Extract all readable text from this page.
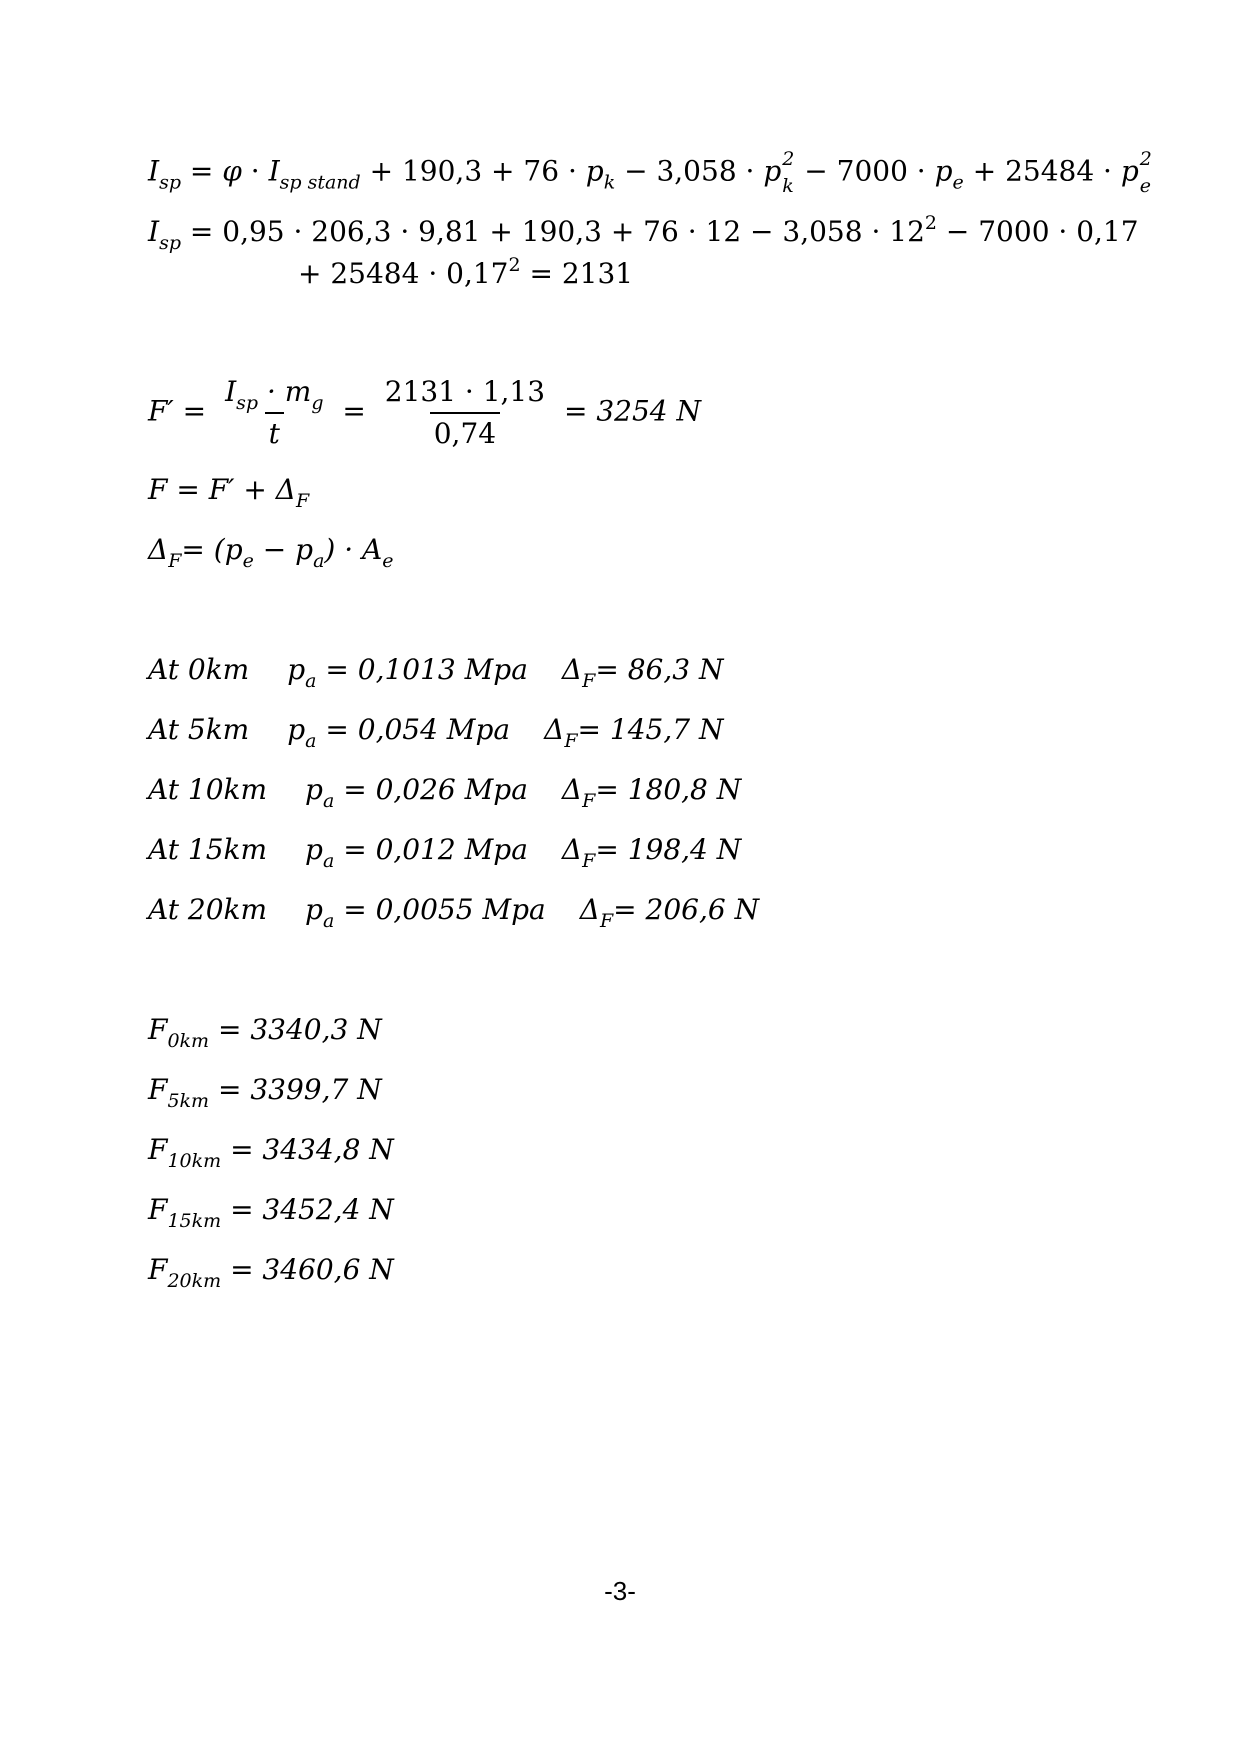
$I_{sp} = \varphi \cdot I_{sp stand} + 190,3 + 76 \cdot p_k - 3,058 \cdot p$ 2
$k - 7000 \cdot p_e + 25484 \cdot p$ 2
e
$I_{sp} = 0,95 \cdot 206,3 \cdot 9,81 + 190,3 + 76 \cdot 12 - 3,058 \cdot 12^2 - 7000 \cdot 0,17$
+ $25484 \cdot 0,17^2 = 2131$
$F' = \frac{I_{sp} \cdot m_g}{t} = \frac{2131 \cdot 1,13}{0,74} = 3254$ N
$F = F' + \Delta_F$
$\Delta_F= (p_e - p_a) \cdot A_e$
At 0km $p_a = 0,1013$ Mpa $\Delta_F= 86,3$ N
At 5km $p_a = 0,054$ Mpa $\Delta_F= 145,7$ N
At 10km $p_a = 0,026$ Mpa $\Delta_F= 180,8$ N
At 15km $p_a = 0,012$ Mpa $\Delta_F= 198,4$ N
At 20km $p_a = 0,0055$ Mpa $\Delta_F= 206,6$ N
$F_{0km} = 3340,3$ N
$F_{5km} = 3399,7$ N
$F_{10km} = 3434,8$ N
$F_{15km} = 3452,4$ N
$F_{20km} = 3460,6$ N
-3-
